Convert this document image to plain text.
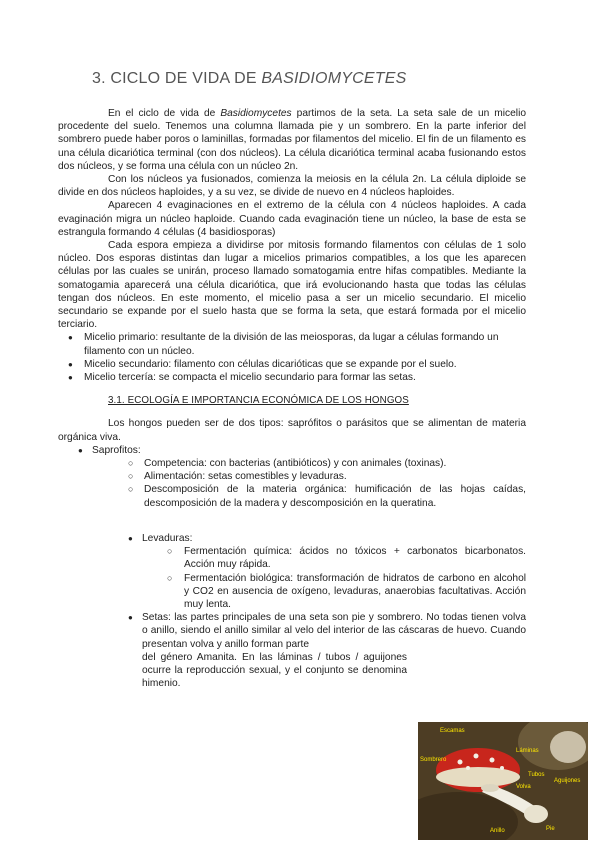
3. CICLO DE VIDA DE BASIDIOMYCETES

En el ciclo de vida de Basidiomycetes partimos de la seta. La seta sale de un micelio procedente del suelo. Tenemos una columna llamada pie y un sombrero. En la parte inferior del sombrero puede haber poros o laminillas, formadas por filamentos del micelio. El fin de un filamento es una célula dicariótica terminal (con dos núcleos). La célula dicariótica terminal acaba fusionando estos dos núcleos, y se forma una célula con un núcleo 2n.

Con los núcleos ya fusionados, comienza la meiosis en la célula 2n. La célula diploide se divide en dos núcleos haploides, y a su vez, se divide de nuevo en 4 núcleos haploides.

Aparecen 4 evaginaciones en el extremo de la célula con 4 núcleos haploides. A cada evaginación migra un núcleo haploide. Cuando cada evaginación tiene un núcleo, la base de esta se estrangula formando 4 células (4 basidiosporas)

Cada espora empieza a dividirse por mitosis formando filamentos con células de 1 solo núcleo. Dos esporas distintas dan lugar a micelios primarios compatibles, a los que les aparecen células por las cuales se unirán, proceso llamado somatogamia entre hifas compatibles. Mediante la somatogamia aparecerá una célula dicariótica, que irá evolucionando hasta que todas las células tengan dos núcleos. En este momento, el micelio pasa a ser un micelio secundario. El micelio secundario se expande por el suelo hasta que se forma la seta, que estará formada por el micelio terciario.

● Micelio primario: resultante de la división de las meiosporas, da lugar a células formando un filamento con un núcleo.
● Micelio secundario: filamento con células dicarióticas que se expande por el suelo.
● Micelio tercería: se compacta el micelio secundario para formar las setas.
3.1. ECOLOGÍA E IMPORTANCIA ECONÓMICA DE LOS HONGOS

Los hongos pueden ser de dos tipos: saprófitos o parásitos que se alimentan de materia orgánica viva.

● Saprofitos:
○ Competencia: con bacterias (antibióticos) y con animales (toxinas).
○ Alimentación: setas comestibles y levaduras.
○ Descomposición de la materia orgánica: humificación de las hojas caídas, descomposición de la madera y descomposición en la queratina.
● Levaduras:
○ Fermentación química: ácidos no tóxicos + carbonatos bicarbonatos. Acción muy rápida.
○ Fermentación biológica: transformación de hidratos de carbono en alcohol y CO2 en ausencia de oxígeno, levaduras, anaerobias facultativas. Acción muy lenta.
● Setas: las partes principales de una seta son pie y sombrero. No todas tienen volva o anillo, siendo el anillo similar al velo del interior de las cáscaras de huevo. Cuando presentan volva y anillo forman parte
del género Amanita. En las láminas / tubos / aguijones ocurre la reproducción sexual, y el conjunto se denomina himenio.
Escamas
Sombrero
Láminas
Tubos
Aguijones
Volva
Anillo	Pie
